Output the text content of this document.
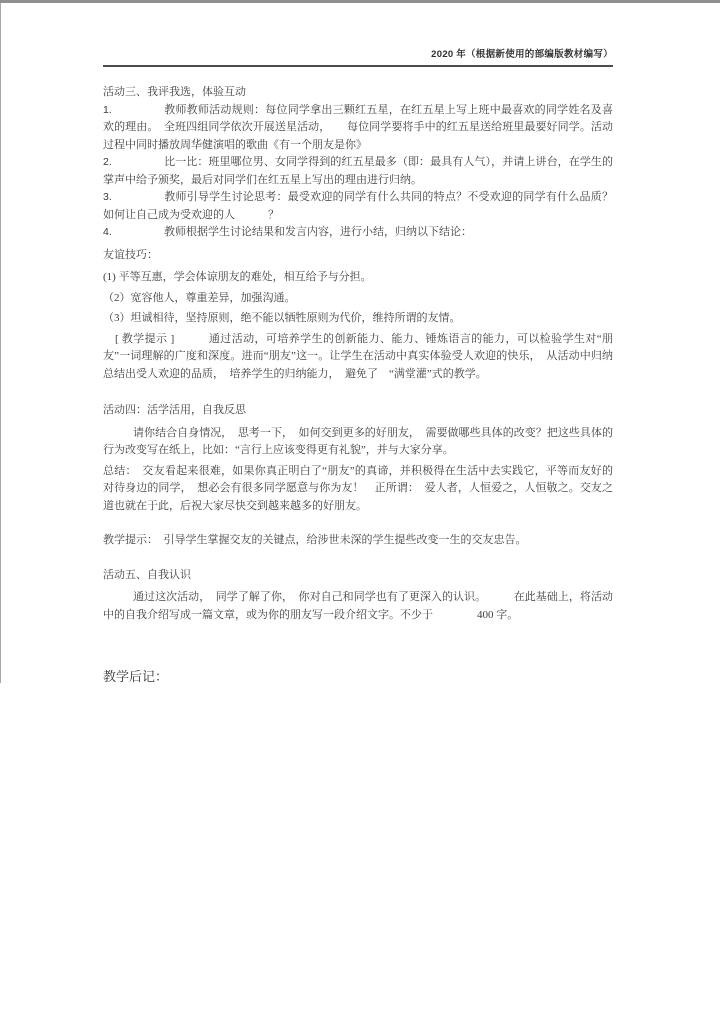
2020 年（根据新使用的部编版教材编写）

活动三、我评我选，体验互动

1.	教师教师活动规则：每位同学拿出三颗红五星，在红五星上写上班中最喜欢的同学姓名及喜欢的理由。　全班四组同学依次开展送星活动，　　每位同学要将手中的红五星送给班里最要好同学。活动过程中同时播放周华健演唱的歌曲《有一个朋友是你》

2.	比一比：班里哪位男、女同学得到的红五星最多（即：最具有人气），并请上讲台，在学生的掌声中给予颁奖，最后对同学们在红五星上写出的理由进行归纳。

3.	教师引导学生讨论思考：最受欢迎的同学有什么共同的特点？不受欢迎的同学有什么品质？如何让自己成为受欢迎的人　　　？

4.	教师根据学生讨论结果和发言内容，进行小结，归纳以下结论：

友谊技巧：

(1) 平等互惠，学会体谅朋友的难处，相互给予与分担。

（2）宽容他人，尊重差异，加强沟通。

（3）坦诚相待，坚持原则，绝不能以牺牲原则为代价，维持所谓的友情。

[ 教学提示 ]　　　通过活动，可培养学生的创新能力、能力、锤炼语言的能力，可以检验学生对“朋友”一词理解的广度和深度。进而“朋友”这一。让学生在活动中真实体验受人欢迎的快乐，　从活动中归纳总结出受人欢迎的品质，　培养学生的归纳能力，　避免了　“满堂灌”式的教学。

活动四：活学活用，自我反思

请你结合自身情况，　思考一下，　如何交到更多的好朋友，　需要做哪些具体的改变？把这些具体的行为改变写在纸上，比如：“言行上应该变得更有礼貌”，并与大家分享。

总结：　交友看起来很难，如果你真正明白了“朋友”的真谛，并积极得在生活中去实践它，平等而友好的对待身边的同学，　想必会有很多同学愿意与你为友！　正所谓：　爱人者，人恒爱之，人恒敬之。交友之道也就在于此，后祝大家尽快交到越来越多的好朋友。

教学提示：　引导学生掌握交友的关键点，给涉世未深的学生提些改变一生的交友忠告。

活动五、自我认识

通过这次活动，　同学了解了你，　你对自己和同学也有了更深入的认识。　　　在此基础上，将活动中的自我介绍写成一篇文章，或为你的朋友写一段介绍文字。不少于　　　　400 字。

教学后记：
